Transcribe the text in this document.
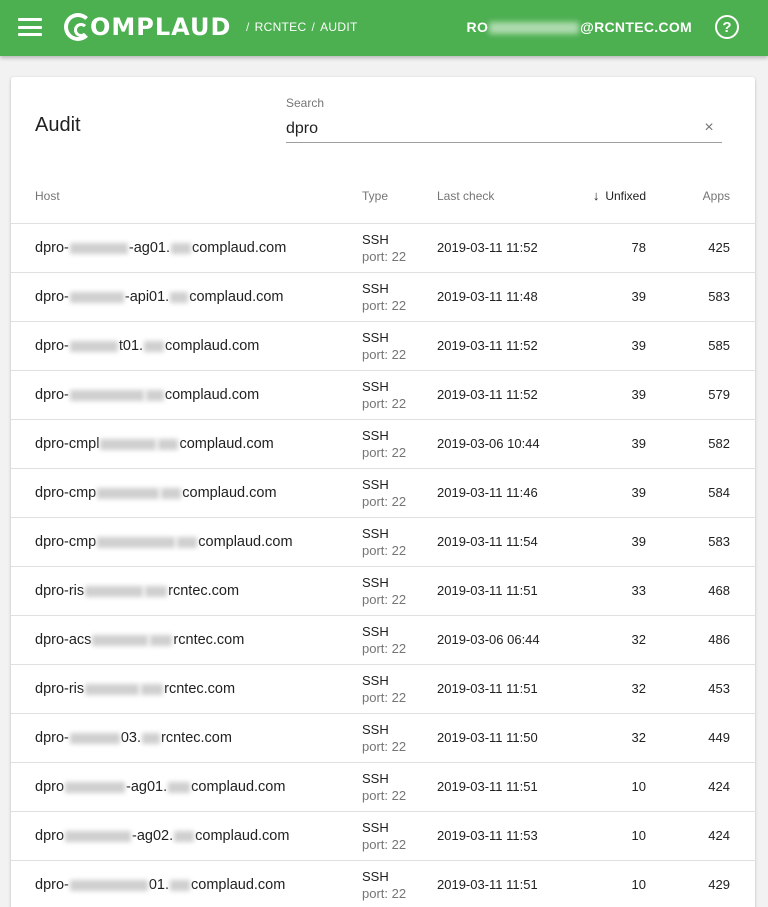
OMPLAUD / RCNTEC / AUDIT	RO	@RCNTEC.COM	?
Audit
Search
dpro
×
Host	Type	Last check	↓ Unfixed	Apps
dpro-	-ag01. complaud.com
SSH
port: 22
2019-03-11 11:52	78	425
dpro-	-api01. complaud.com
SSH
port: 22
2019-03-11 11:48	39	583
dpro-	t01. complaud.com
SSH
port: 22
2019-03-11 11:52	39	585
dpro-	complaud.com
SSH
port: 22
2019-03-11 11:52	39	579
dpro-cmpl	complaud.com
SSH
port: 22
2019-03-06 10:44	39	582
dpro-cmp	complaud.com
SSH
port: 22
2019-03-11 11:46	39	584
dpro-cmp	complaud.com
SSH
port: 22
2019-03-11 11:54	39	583
dpro-ris	rcntec.com
SSH
port: 22
2019-03-11 11:51	33	468
dpro-acs	rcntec.com
SSH
port: 22
2019-03-06 06:44	32	486
dpro-ris	rcntec.com
SSH
port: 22
2019-03-11 11:51	32	453
dpro-	03. rcntec.com
SSH
port: 22
2019-03-11 11:50	32	449
dpro	-ag01. complaud.com
SSH
port: 22
2019-03-11 11:51	10	424
dpro	-ag02. complaud.com
SSH
port: 22
2019-03-11 11:53	10	424
dpro-	01. complaud.com
SSH
port: 22
2019-03-11 11:51	10	429
